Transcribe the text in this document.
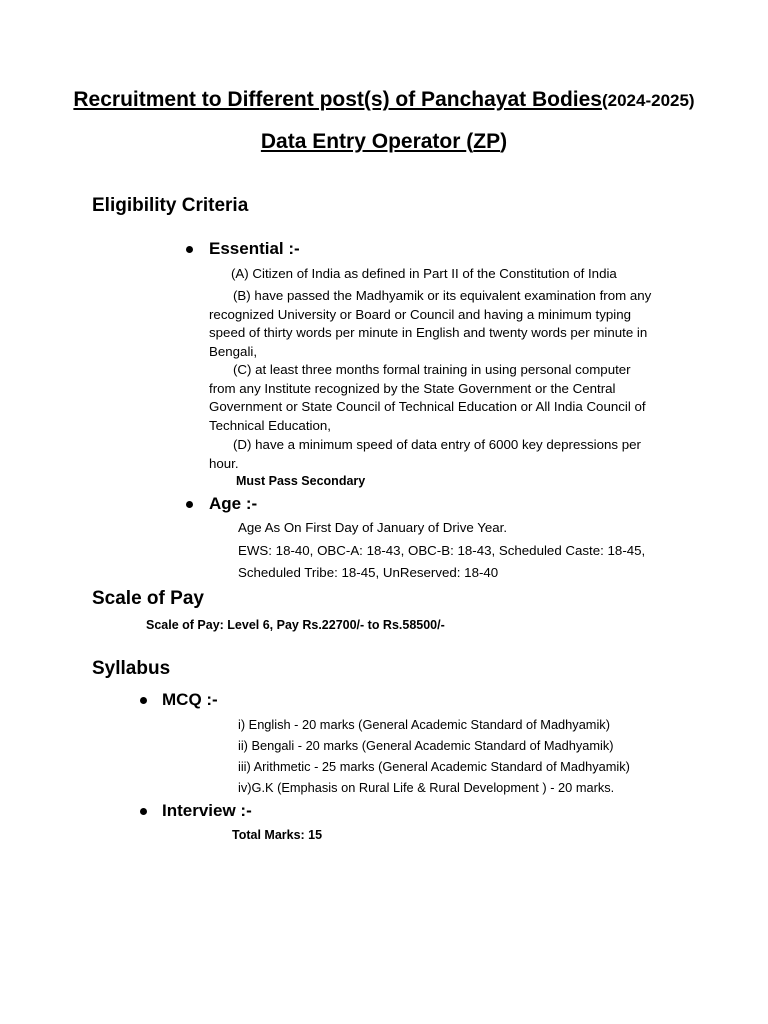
Recruitment to Different post(s) of Panchayat Bodies(2024-2025)
Data Entry Operator (ZP)
Eligibility Criteria
Essential :-
(A) Citizen of India as defined in Part II of the Constitution of India
(B) have passed the Madhyamik or its equivalent examination from any recognized University or Board or Council and having a minimum typing speed of thirty words per minute in English and twenty words per minute in Bengali,
(C) at least three months formal training in using personal computer from any Institute recognized by the State Government or the Central Government or State Council of Technical Education or All India Council of Technical Education,
(D) have a minimum speed of data entry of 6000 key depressions per hour.
Must Pass Secondary
Age :-
Age As On First Day of January of Drive Year.
EWS: 18-40, OBC-A: 18-43, OBC-B: 18-43, Scheduled Caste: 18-45,
Scheduled Tribe: 18-45, UnReserved: 18-40
Scale of Pay
Scale of Pay: Level 6, Pay Rs.22700/- to Rs.58500/-
Syllabus
MCQ :-
i) English - 20 marks (General Academic Standard of Madhyamik)
ii) Bengali - 20 marks (General Academic Standard of Madhyamik)
iii) Arithmetic - 25 marks (General Academic Standard of Madhyamik)
iv)G.K (Emphasis on Rural Life & Rural Development ) - 20 marks.
Interview :-
Total Marks: 15
